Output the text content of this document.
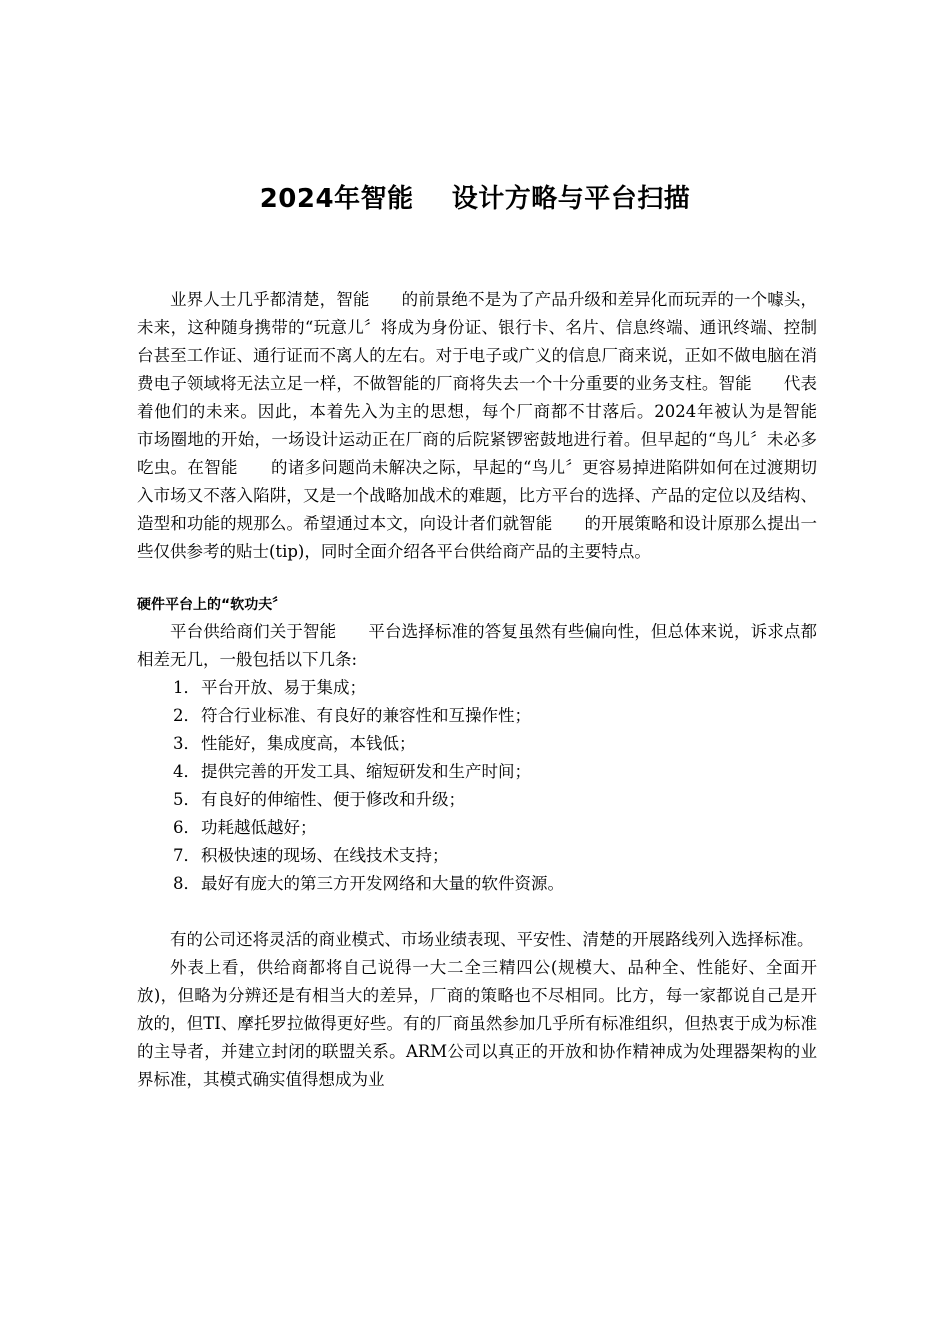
2024年智能    设计方略与平台扫描

业界人士几乎都清楚，智能      的前景绝不是为了产品升级和差异化而玩弄的一个噱头，未来，这种随身携带的“玩意儿〞将成为身份证、银行卡、名片、信息终端、通讯终端、控制台甚至工作证、通行证而不离人的左右。对于电子或广义的信息厂商来说，正如不做电脑在消费电子领域将无法立足一样，不做智能的厂商将失去一个十分重要的业务支柱。智能      代表着他们的未来。因此，本着先入为主的思想，每个厂商都不甘落后。2024年被认为是智能      市场圈地的开始，一场设计运动正在厂商的后院紧锣密鼓地进行着。但早起的“鸟儿〞未必多吃虫。在智能      的诸多问题尚未解决之际，早起的“鸟儿〞更容易掉进陷阱如何在过渡期切入市场又不落入陷阱，又是一个战略加战术的难题，比方平台的选择、产品的定位以及结构、造型和功能的规那么。希望通过本文，向设计者们就智能      的开展策略和设计原那么提出一些仅供参考的贴士(tip)，同时全面介绍各平台供给商产品的主要特点。

硬件平台上的“软功夫〞

平台供给商们关于智能      平台选择标准的答复虽然有些偏向性，但总体来说，诉求点都相差无几，一般包括以下几条:

1． 平台开放、易于集成；
2． 符合行业标准、有良好的兼容性和互操作性；
3． 性能好，集成度高，本钱低；
4． 提供完善的开发工具、缩短研发和生产时间；
5． 有良好的伸缩性、便于修改和升级；
6． 功耗越低越好；
7． 积极快速的现场、在线技术支持；
8． 最好有庞大的第三方开发网络和大量的软件资源。

有的公司还将灵活的商业模式、市场业绩表现、平安性、清楚的开展路线列入选择标准。

外表上看，供给商都将自己说得一大二全三精四公(规模大、品种全、性能好、全面开放)，但略为分辨还是有相当大的差异，厂商的策略也不尽相同。比方，每一家都说自己是开放的，但TI、摩托罗拉做得更好些。有的厂商虽然参加几乎所有标准组织，但热衷于成为标准的主导者，并建立封闭的联盟关系。ARM公司以真正的开放和协作精神成为处理器架构的业界标准，其模式确实值得想成为业
